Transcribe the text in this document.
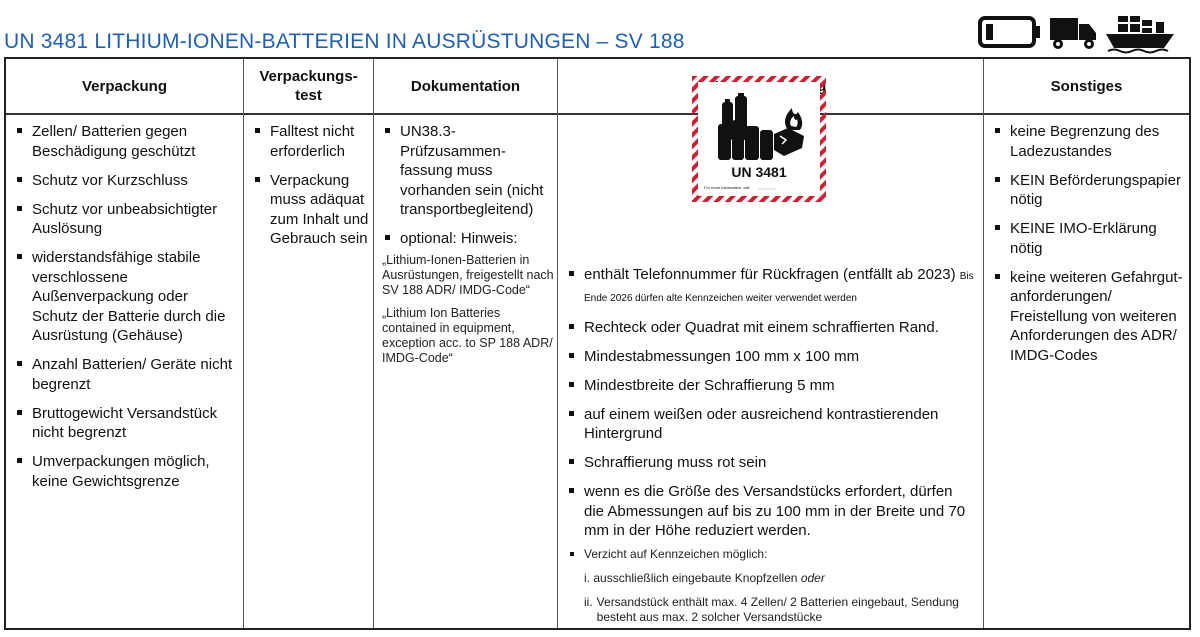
UN 3481 LITHIUM-IONEN-BATTERIEN IN AUSRÜSTUNGEN – SV 188
Verpackung
Verpackungs-
test
Dokumentation	Sonstiges
Zellen/ Batterien gegen Beschädigung geschützt
Schutz vor Kurzschluss
Schutz vor unbeabsichtigter Auslösung
widerstandsfähige stabile verschlossene Außenverpackung oder Schutz der Batterie durch die Ausrüstung (Gehäuse)
Anzahl Batterien/ Geräte nicht begrenzt
Bruttogewicht Versandstück nicht begrenzt
Umverpackungen möglich, keine Gewichtsgrenze
Falltest nicht erforderlich
Verpackung muss adäquat zum Inhalt und Gebrauch sein
UN38.3-Prüfzusammen-fassung muss vorhanden sein (nicht transportbegleitend)
optional: Hinweis:
„Lithium-Ionen-Batterien in Ausrüstungen, freigestellt nach SV 188 ADR/ IMDG-Code“
„Lithium Ion Batteries contained in equipment, exception acc. to SP 188 ADR/ IMDG-Code“
enthält Telefonnummer für Rückfragen (entfällt ab 2023) Bis Ende 2026 dürfen alte Kennzeichen weiter verwendet werden
Rechteck oder Quadrat mit einem schraffierten Rand.
Mindestabmessungen 100 mm x 100 mm
Mindestbreite der Schraffierung 5 mm
auf einem weißen oder ausreichend kontrastierenden Hintergrund
Schraffierung muss rot sein
wenn es die Größe des Versandstücks erfordert, dürfen die Abmessungen auf bis zu 100 mm in der Breite und 70 mm in der Höhe reduziert werden.
Verzicht auf Kennzeichen möglich:
i. ausschließlich eingebaute Knopfzellen oder
ii. Versandstück enthält max. 4 Zellen/ 2 Batterien eingebaut, Sendung besteht aus max. 2 solcher Versandstücke
keine Begrenzung des Ladezustandes
KEIN Beförderungspapier nötig
KEINE IMO-Erklärung nötig
keine weiteren Gefahrgut-anforderungen/ Freistellung von weiteren Anforderungen des ADR/ IMDG-Codes
UN 3481
For more information, call
